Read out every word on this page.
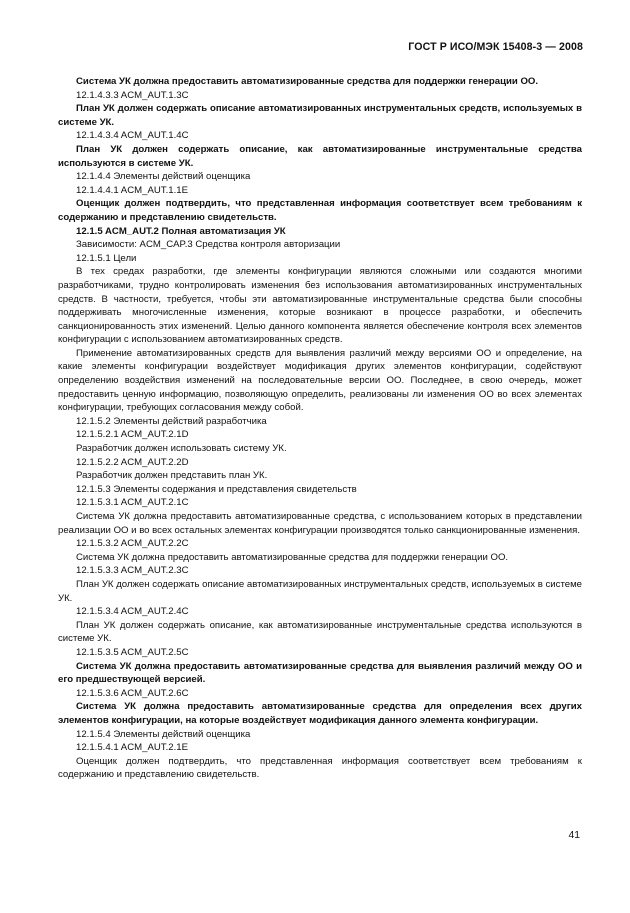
ГОСТ Р ИСО/МЭК 15408-3 — 2008

Система УК должна предоставить автоматизированные средства для поддержки генерации ОО.

12.1.4.3.3 ACM_AUT.1.3C

План УК должен содержать описание автоматизированных инструментальных средств, используемых в системе УК.

12.1.4.3.4 ACM_AUT.1.4C

План УК должен содержать описание, как автоматизированные инструментальные средства используются в системе УК.

12.1.4.4 Элементы действий оценщика

12.1.4.4.1 ACM_AUT.1.1E

Оценщик должен подтвердить, что представленная информация соответствует всем требованиям к содержанию и представлению свидетельств.

12.1.5 ACM_AUT.2 Полная автоматизация УК

Зависимости: ACM_CAP.3 Средства контроля авторизации

12.1.5.1 Цели

В тех средах разработки, где элементы конфигурации являются сложными или создаются многими разработчиками, трудно контролировать изменения без использования автоматизированных инструментальных средств. В частности, требуется, чтобы эти автоматизированные инструментальные средства были способны поддерживать многочисленные изменения, которые возникают в процессе разработки, и обеспечить санкционированность этих изменений. Целью данного компонента является обеспечение контроля всех элементов конфигурации с использованием автоматизированных средств.

Применение автоматизированных средств для выявления различий между версиями ОО и определение, на какие элементы конфигурации воздействует модификация других элементов конфигурации, содействуют определению воздействия изменений на последовательные версии ОО. Последнее, в свою очередь, может предоставить ценную информацию, позволяющую определить, реализованы ли изменения ОО во всех элементах конфигурации, требующих согласования между собой.

12.1.5.2 Элементы действий разработчика

12.1.5.2.1 ACM_AUT.2.1D

Разработчик должен использовать систему УК.

12.1.5.2.2 ACM_AUT.2.2D

Разработчик должен представить план УК.

12.1.5.3 Элементы содержания и представления свидетельств

12.1.5.3.1 ACM_AUT.2.1C

Система УК должна предоставить автоматизированные средства, с использованием которых в представлении реализации ОО и во всех остальных элементах конфигурации производятся только санкционированные изменения.

12.1.5.3.2 ACM_AUT.2.2C

Система УК должна предоставить автоматизированные средства для поддержки генерации ОО.

12.1.5.3.3 ACM_AUT.2.3C

План УК должен содержать описание автоматизированных инструментальных средств, используемых в системе УК.

12.1.5.3.4 ACM_AUT.2.4C

План УК должен содержать описание, как автоматизированные инструментальные средства используются в системе УК.

12.1.5.3.5 ACM_AUT.2.5C

Система УК должна предоставить автоматизированные средства для выявления различий между ОО и его предшествующей версией.

12.1.5.3.6 ACM_AUT.2.6C

Система УК должна предоставить автоматизированные средства для определения всех других элементов конфигурации, на которые воздействует модификация данного элемента конфигурации.

12.1.5.4 Элементы действий оценщика

12.1.5.4.1 ACM_AUT.2.1E

Оценщик должен подтвердить, что представленная информация соответствует всем требованиям к содержанию и представлению свидетельств.

41
